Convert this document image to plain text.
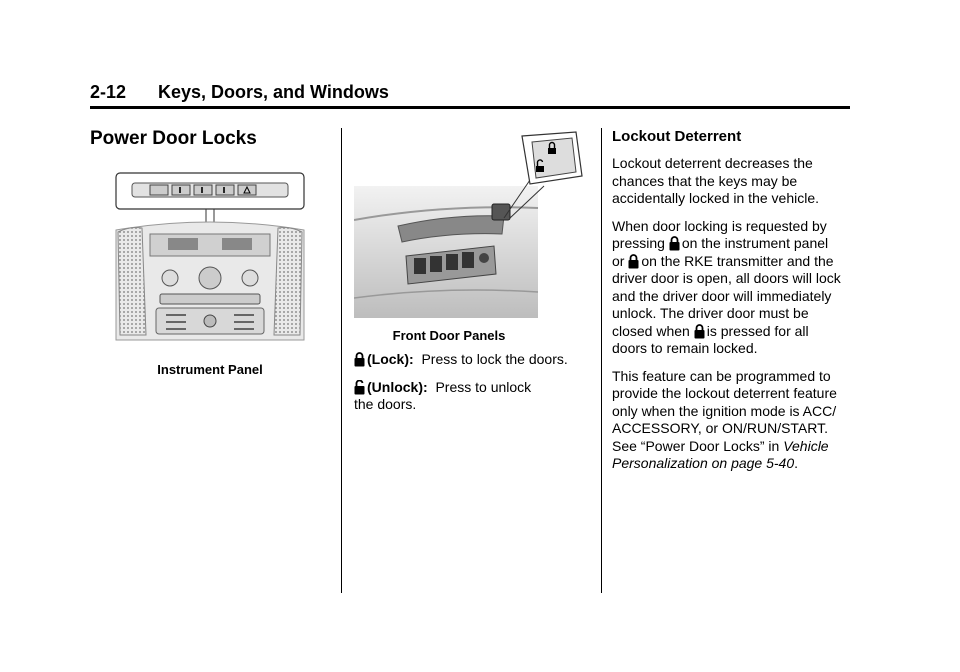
2-12 Keys, Doors, and Windows
Power Door Locks
Instrument Panel
Front Door Panels

(Lock): Press to lock the doors.

(Unlock): Press to unlock
the doors.

Lockout Deterrent

Lockout deterrent decreases the chances that the keys may be accidentally locked in the vehicle.

When door locking is requested by pressing on the instrument panel or on the RKE transmitter and the driver door is open, all doors will lock and the driver door will immediately unlock. The driver door must be closed when is pressed for all doors to remain locked.

This feature can be programmed to provide the lockout deterrent feature only when the ignition mode is ACC/ ACCESSORY, or ON/RUN/START. See “Power Door Locks” in Vehicle Personalization on page 5-40.
